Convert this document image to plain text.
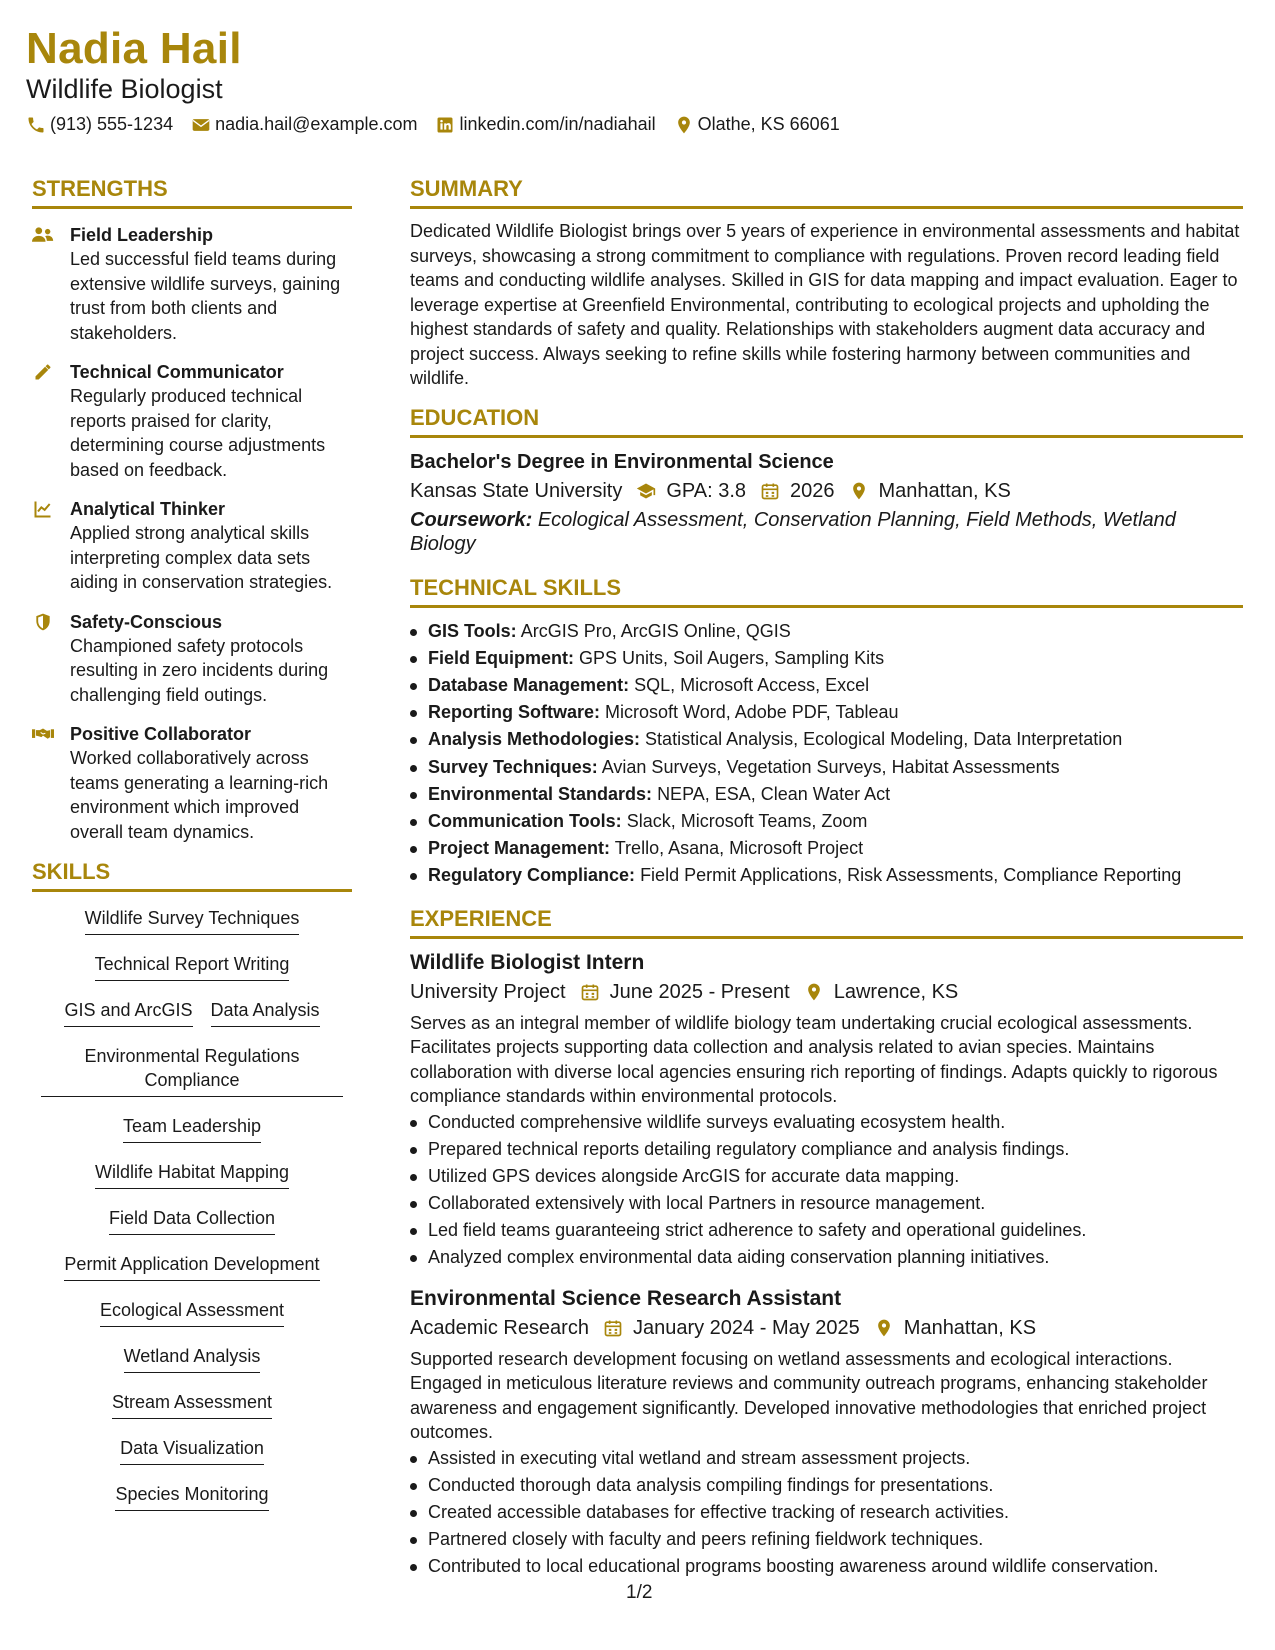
Nadia Hail
Wildlife Biologist
(913) 555-1234 nadia.hail@example.com linkedin.com/in/nadiahail Olathe, KS 66061
STRENGTHS
Field Leadership
Led successful field teams during extensive wildlife surveys, gaining trust from both clients and stakeholders.
Technical Communicator
Regularly produced technical reports praised for clarity, determining course adjustments based on feedback.
Analytical Thinker
Applied strong analytical skills interpreting complex data sets aiding in conservation strategies.
Safety-Conscious
Championed safety protocols resulting in zero incidents during challenging field outings.
Positive Collaborator
Worked collaboratively across teams generating a learning-rich environment which improved overall team dynamics.
SKILLS
Wildlife Survey Techniques
Technical Report Writing
GIS and ArcGIS Data Analysis
Environmental Regulations Compliance
Team Leadership
Wildlife Habitat Mapping
Field Data Collection
Permit Application Development
Ecological Assessment
Wetland Analysis
Stream Assessment
Data Visualization
Species Monitoring
SUMMARY
Dedicated Wildlife Biologist brings over 5 years of experience in environmental assessments and habitat surveys, showcasing a strong commitment to compliance with regulations. Proven record leading field teams and conducting wildlife analyses. Skilled in GIS for data mapping and impact evaluation. Eager to leverage expertise at Greenfield Environmental, contributing to ecological projects and upholding the highest standards of safety and quality. Relationships with stakeholders augment data accuracy and project success. Always seeking to refine skills while fostering harmony between communities and wildlife.
EDUCATION
Bachelor's Degree in Environmental Science
Kansas State University GPA: 3.8 2026 Manhattan, KS
Coursework: Ecological Assessment, Conservation Planning, Field Methods, Wetland Biology
TECHNICAL SKILLS
GIS Tools: ArcGIS Pro, ArcGIS Online, QGIS
Field Equipment: GPS Units, Soil Augers, Sampling Kits
Database Management: SQL, Microsoft Access, Excel
Reporting Software: Microsoft Word, Adobe PDF, Tableau
Analysis Methodologies: Statistical Analysis, Ecological Modeling, Data Interpretation
Survey Techniques: Avian Surveys, Vegetation Surveys, Habitat Assessments
Environmental Standards: NEPA, ESA, Clean Water Act
Communication Tools: Slack, Microsoft Teams, Zoom
Project Management: Trello, Asana, Microsoft Project
Regulatory Compliance: Field Permit Applications, Risk Assessments, Compliance Reporting
EXPERIENCE
Wildlife Biologist Intern
University Project June 2025 - Present Lawrence, KS
Serves as an integral member of wildlife biology team undertaking crucial ecological assessments. Facilitates projects supporting data collection and analysis related to avian species. Maintains collaboration with diverse local agencies ensuring rich reporting of findings. Adapts quickly to rigorous compliance standards within environmental protocols.
Conducted comprehensive wildlife surveys evaluating ecosystem health.
Prepared technical reports detailing regulatory compliance and analysis findings.
Utilized GPS devices alongside ArcGIS for accurate data mapping.
Collaborated extensively with local Partners in resource management.
Led field teams guaranteeing strict adherence to safety and operational guidelines.
Analyzed complex environmental data aiding conservation planning initiatives.
Environmental Science Research Assistant
Academic Research January 2024 - May 2025 Manhattan, KS
Supported research development focusing on wetland assessments and ecological interactions. Engaged in meticulous literature reviews and community outreach programs, enhancing stakeholder awareness and engagement significantly. Developed innovative methodologies that enriched project outcomes.
Assisted in executing vital wetland and stream assessment projects.
Conducted thorough data analysis compiling findings for presentations.
Created accessible databases for effective tracking of research activities.
Partnered closely with faculty and peers refining fieldwork techniques.
Contributed to local educational programs boosting awareness around wildlife conservation.
1/2
